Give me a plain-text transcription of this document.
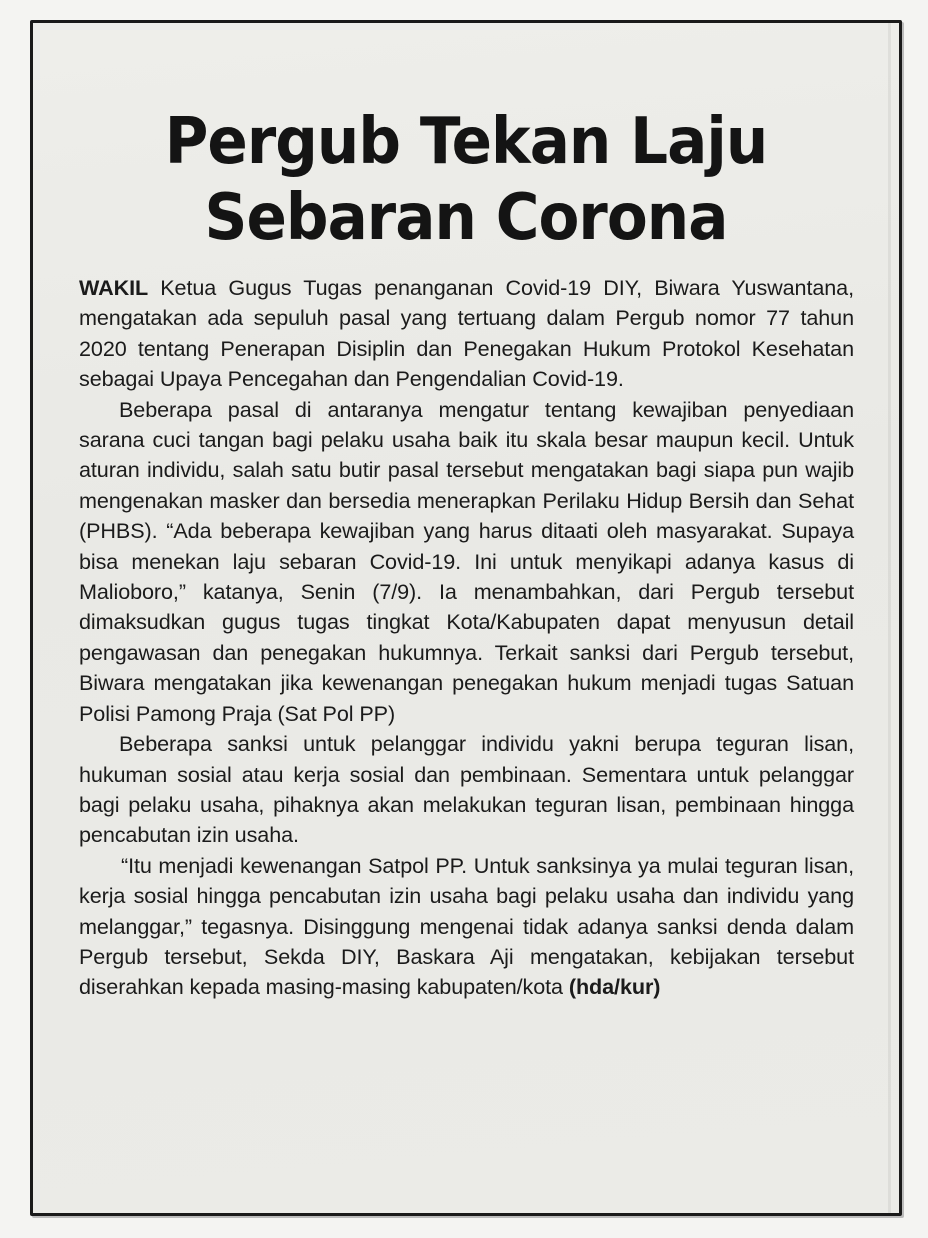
Pergub Tekan Laju
Sebaran Corona

WAKIL Ketua Gugus Tugas penanganan Covid-19 DIY, Biwara Yuswantana, mengatakan ada sepuluh pasal yang tertuang dalam Pergub nomor 77 tahun 2020 tentang Penerapan Disiplin dan Penegakan Hukum Protokol Kesehatan sebagai Upaya Pencegahan dan Pengendalian Covid-19.

Beberapa pasal di antaranya mengatur tentang kewajiban penyediaan sarana cuci tangan bagi pelaku usaha baik itu skala besar maupun kecil. Untuk aturan individu, salah satu butir pasal tersebut mengatakan bagi siapa pun wajib mengenakan masker dan bersedia menerapkan Perilaku Hidup Bersih dan Sehat (PHBS). “Ada beberapa kewajiban yang harus ditaati oleh masyarakat. Supaya bisa menekan laju sebaran Covid-19. Ini untuk menyikapi adanya kasus di Malioboro,” katanya, Senin (7/9). Ia menambahkan, dari Pergub tersebut dimaksudkan gugus tugas tingkat Kota/Kabupaten dapat menyusun detail pengawasan dan penegakan hukumnya. Terkait sanksi dari Pergub tersebut, Biwara mengatakan jika kewenangan penegakan hukum menjadi tugas Satuan Polisi Pamong Praja (Sat Pol PP)

Beberapa sanksi untuk pelanggar individu yakni berupa teguran lisan, hukuman sosial atau kerja sosial dan pembinaan. Sementara untuk pelanggar bagi pelaku usaha, pihaknya akan melakukan teguran lisan, pembinaan hingga pencabutan izin usaha.

“Itu menjadi kewenangan Satpol PP. Untuk sanksinya ya mulai teguran lisan, kerja sosial hingga pencabutan izin usaha bagi pelaku usaha dan individu yang melanggar,” tegasnya. Disinggung mengenai tidak adanya sanksi denda dalam Pergub tersebut, Sekda DIY, Baskara Aji mengatakan, kebijakan tersebut diserahkan kepada masing-masing kabupaten/kota (hda/kur)
